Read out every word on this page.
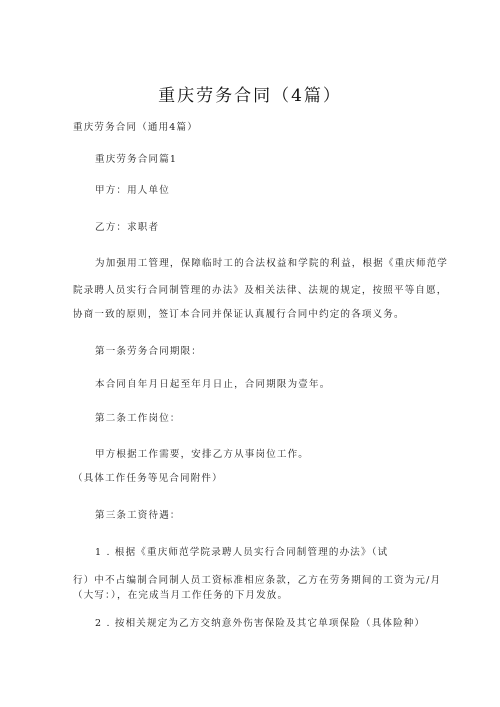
重庆劳务合同（4篇）
重庆劳务合同（通用4篇）
重庆劳务合同篇1
甲方：用人单位
乙方：求职者
为加强用工管理，保障临时工的合法权益和学院的利益，根据《重庆师范学
院录聘人员实行合同制管理的办法》及相关法律、法规的规定，按照平等自愿，
协商一致的原则，签订本合同并保证认真履行合同中约定的各项义务。
第一条劳务合同期限：
本合同自年月日起至年月日止，合同期限为壹年。
第二条工作岗位：
甲方根据工作需要，安排乙方从事岗位工作。
（具体工作任务等见合同附件）
第三条工资待遇：
1 . 根据《重庆师范学院录聘人员实行合同制管理的办法》（试
行）中不占编制合同制人员工资标准相应条款，乙方在劳务期间的工资为元/月
（大写：），在完成当月工作任务的下月发放。
2 . 按相关规定为乙方交纳意外伤害保险及其它单项保险（具体险种）
